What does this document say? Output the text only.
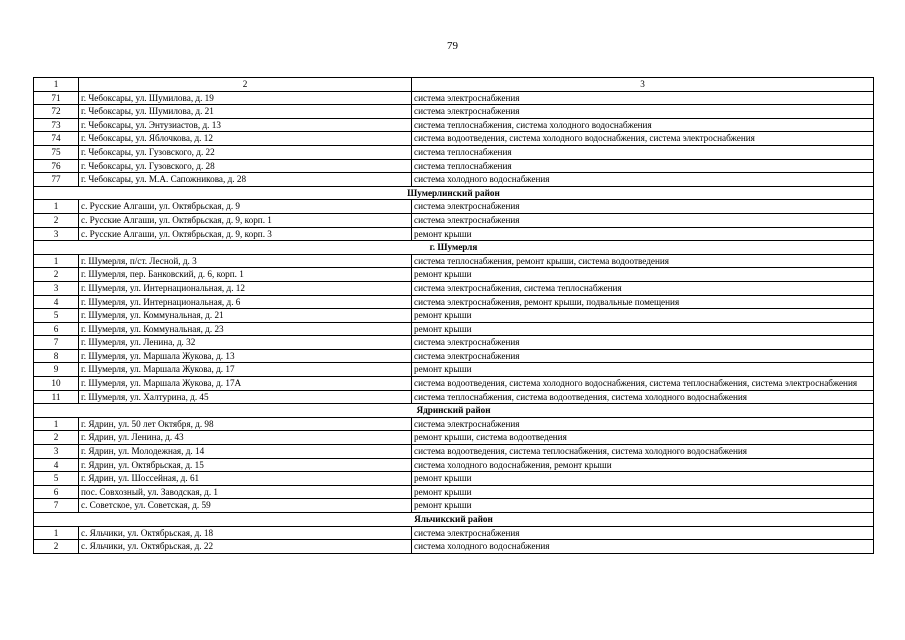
79
1	2	3
71	г. Чебоксары, ул. Шумилова, д. 19	система электроснабжения
72	г. Чебоксары, ул. Шумилова, д. 21	система электроснабжения
73	г. Чебоксары, ул. Энтузиастов, д. 13	система теплоснабжения, система холодного водоснабжения
74	г. Чебоксары, ул. Яблочкова, д. 12	система водоотведения, система холодного водоснабжения, система электроснабжения
75	г. Чебоксары, ул. Гузовского, д. 22	система теплоснабжения
76	г. Чебоксары, ул. Гузовского, д. 28	система теплоснабжения
77	г. Чебоксары, ул. М.А. Сапожникова, д. 28	система холодного водоснабжения
Шумерлинский район		
1	с. Русские Алгаши, ул. Октябрьская, д. 9	система электроснабжения
2	с. Русские Алгаши, ул. Октябрьская, д. 9, корп. 1	система электроснабжения
3	с. Русские Алгаши, ул. Октябрьская, д. 9, корп. 3	ремонт крыши
г. Шумерля		
1	г. Шумерля, п/ст. Лесной, д. 3	система теплоснабжения, ремонт крыши, система водоотведения
2	г. Шумерля, пер. Банковский, д. 6, корп. 1	ремонт крыши
3	г. Шумерля, ул. Интернациональная, д. 12	система электроснабжения, система теплоснабжения
4	г. Шумерля, ул. Интернациональная, д. 6	система электроснабжения, ремонт крыши, подвальные помещения
5	г. Шумерля, ул. Коммунальная, д. 21	ремонт крыши
6	г. Шумерля, ул. Коммунальная, д. 23	ремонт крыши
7	г. Шумерля, ул. Ленина, д. 32	система электроснабжения
8	г. Шумерля, ул. Маршала Жукова, д. 13	система электроснабжения
9	г. Шумерля, ул. Маршала Жукова, д. 17	ремонт крыши
10	г. Шумерля, ул. Маршала Жукова, д. 17А	система водоотведения, система холодного водоснабжения, система теплоснабжения, система электроснабжения
11	г. Шумерля, ул. Халтурина, д. 45	система теплоснабжения, система водоотведения, система холодного водоснабжения
Ядринский район		
1	г. Ядрин, ул. 50 лет Октября, д. 98	система электроснабжения
2	г. Ядрин, ул. Ленина, д. 43	ремонт крыши, система водоотведения
3	г. Ядрин, ул. Молодежная, д. 14	система водоотведения, система теплоснабжения, система холодного водоснабжения
4	г. Ядрин, ул. Октябрьская, д. 15	система холодного водоснабжения, ремонт крыши
5	г. Ядрин, ул. Шоссейная, д. 61	ремонт крыши
6	пос. Совхозный, ул. Заводская, д. 1	ремонт крыши
7	с. Советское, ул. Советская, д. 59	ремонт крыши
Яльчикский район		
1	с. Яльчики, ул. Октябрьская, д. 18	система электроснабжения
2	с. Яльчики, ул. Октябрьская, д. 22	система холодного водоснабжения
